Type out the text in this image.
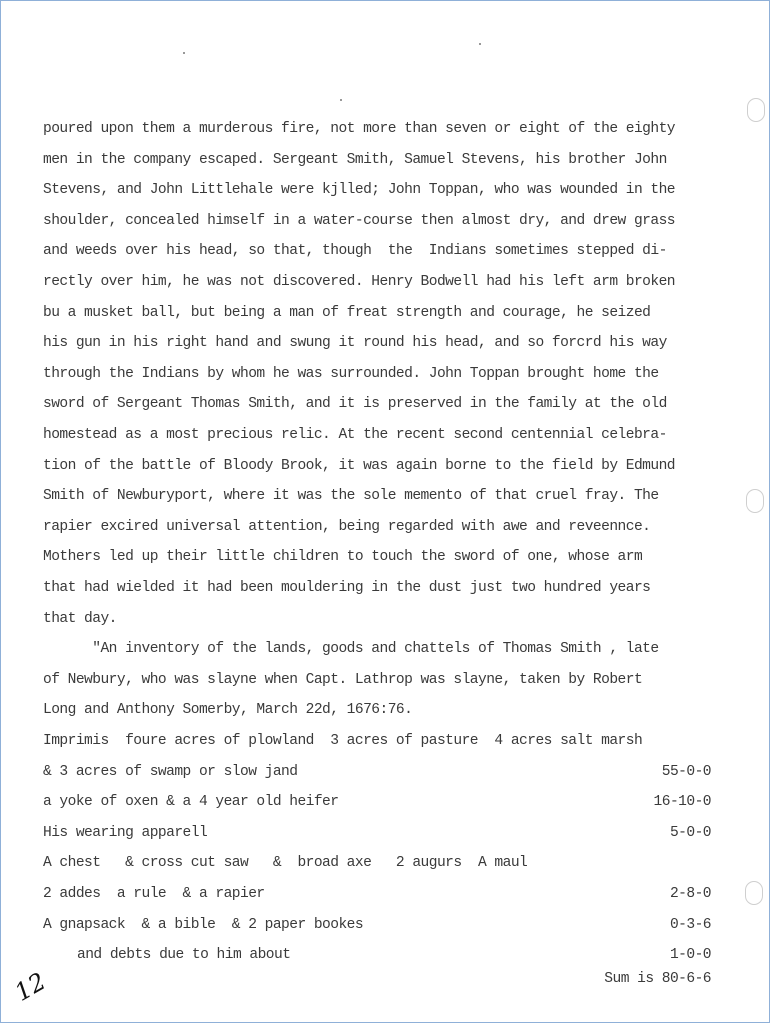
poured upon them a murderous fire, not more than seven or eight of the eighty
men in the company escaped. Sergeant Smith, Samuel Stevens, his brother John
Stevens, and John Littlehale were kjlled; John Toppan, who was wounded in the
shoulder, concealed himself in a water-course then almost dry, and drew grass
and weeds over his head, so that, though  the  Indians sometimes stepped di-
rectly over him, he was not discovered. Henry Bodwell had his left arm broken
bu a musket ball, but being a man of freat strength and courage, he seized
his gun in his right hand and swung it round his head, and so forcrd his way
through the Indians by whom he was surrounded. John Toppan brought home the
sword of Sergeant Thomas Smith, and it is preserved in the family at the old
homestead as a most precious relic. At the recent second centennial celebra-
tion of the battle of Bloody Brook, it was again borne to the field by Edmund
Smith of Newburyport, where it was the sole memento of that cruel fray. The
rapier excired universal attention, being regarded with awe and reveennce.
Mothers led up their little children to touch the sword of one, whose arm
that had wielded it had been mouldering in the dust just two hundred years
that day.
"An inventory of the lands, goods and chattels of Thomas Smith , late
of Newbury, who was slayne when Capt. Lathrop was slayne, taken by Robert
Long and Anthony Somerby, March 22d, 1676:76.
Imprimis  foure acres of plowland  3 acres of pasture  4 acres salt marsh
& 3 acres of swamp or slow jand	55-0-0
a yoke of oxen & a 4 year old heifer	16-10-0
His wearing apparell	5-0-0
A chest   & cross cut saw   &  broad axe   2 augurs  A maul
2 addes  a rule  & a rapier	2-8-0
A gnapsack  & a bible  & 2 paper bookes	0-3-6
and debts due to him about	1-0-0
Sum is 80-6-6
12
